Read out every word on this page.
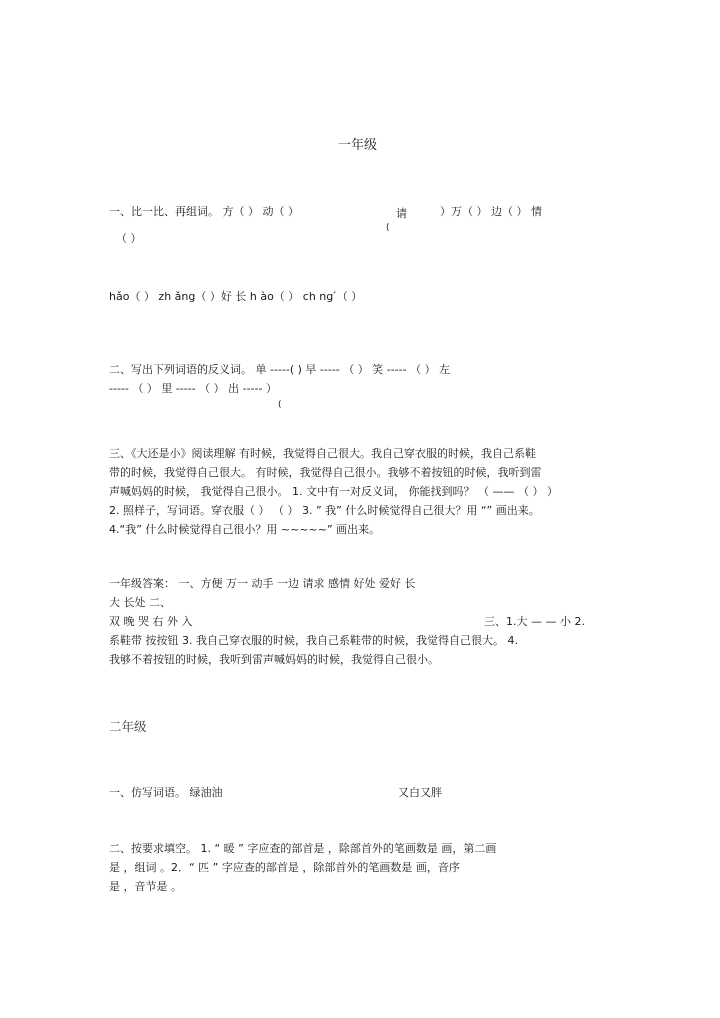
一年级
一、比一比、再组词。 方（ ） 动（ ）	请
(
）万（ ） 边（ ） 情
（ ）
hǎo（ ） zh ǎng（ ）好 长 h ào（ ） ch ng ́（ ）
二、写出下列词语的反义词。 单 -----( ) 早 ----- （ ） 笑 ----- （ ） 左
----- （ ） 里 ----- （ ） 出 ----- ）
(
三、《大还是小》阅读理解 有时候，我觉得自己很大。我自己穿衣服的时候，我自己系鞋
带的时候，我觉得自己很大。 有时候，我觉得自己很小。我够不着按钮的时候，我听到雷
声喊妈妈的时候， 我觉得自己很小。 1. 文中有一对反义词， 你能找到吗？ （ —— （ ） ）
2. 照样子，写词语。穿衣服（ ） （ ） 3. ” 我” 什么时候觉得自己很大？用 “” 画出来。
4.“我” 什么时候觉得自己很小？用 ~~~~~” 画出来。
一年级答案： 一、方便 万一 动手 一边 请求 感情 好处 爱好 长
大 长处 二、
双 晚 哭 右 外 入	三、1.大 — — 小 2.
系鞋带 按按钮 3. 我自己穿衣服的时候，我自己系鞋带的时候，我觉得自己很大。 4.
我够不着按钮的时候，我听到雷声喊妈妈的时候，我觉得自己很小。
二年级
一、仿写词语。 绿油油	又白又胖
二、按要求填空。 1. “ 暖 ” 字应查的部首是 ，除部首外的笔画数是 画，第二画
是 ，组词 。2．“ 匹 ” 字应查的部首是 ，除部首外的笔画数是 画，音序
是 ，音节是 。
